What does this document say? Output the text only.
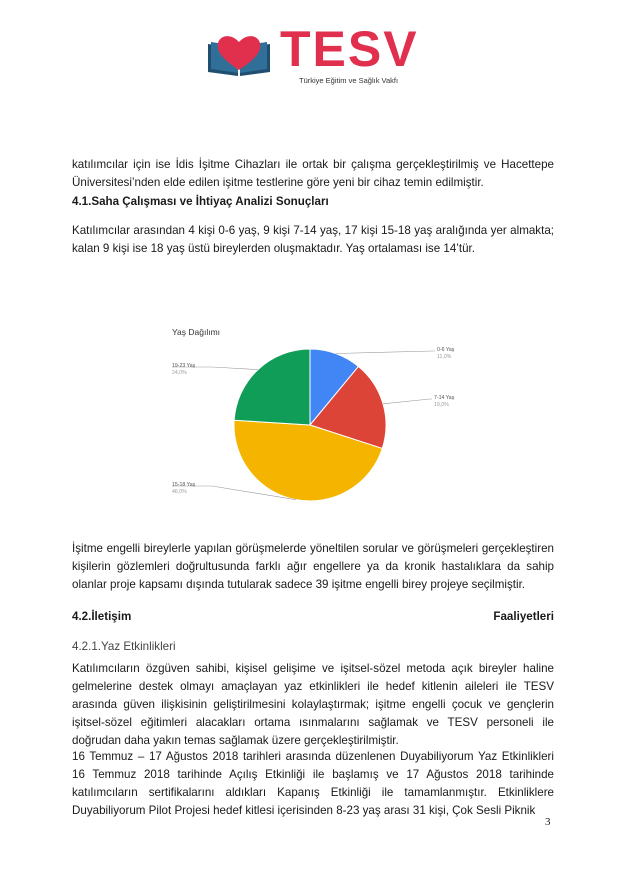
TESV
Türkiye Eğitim ve Sağlık Vakfı
katılımcılar için ise İdis İşitme Cihazları ile ortak bir çalışma gerçekleştirilmiş ve Hacettepe Üniversitesi’nden elde edilen işitme testlerine göre yeni bir cihaz temin edilmiştir.
4.1.Saha Çalışması ve İhtiyaç Analizi Sonuçları
Katılımcılar arasından 4 kişi 0-6 yaş, 9 kişi 7-14 yaş, 17 kişi 15-18 yaş aralığında yer almakta; kalan 9 kişi ise 18 yaş üstü bireylerden oluşmaktadır. Yaş ortalaması ise 14’tür.
Yaş Dağılımı
0-6 Yaş
11,0%
7-14 Yaş
19,0%
15-18 Yaş
46,0%
19-23 Yaş
24,0%
İşitme engelli bireylerle yapılan görüşmelerde yöneltilen sorular ve görüşmeleri gerçekleştiren kişilerin gözlemleri doğrultusunda farklı ağır engellere ya da kronik hastalıklara da sahip olanlar proje kapsamı dışında tutularak sadece 39 işitme engelli birey projeye seçilmiştir.
4.2.İletişim	Faaliyetleri
4.2.1.Yaz Etkinlikleri
Katılımcıların özgüven sahibi, kişisel gelişime ve işitsel-sözel metoda açık bireyler haline gelmelerine destek olmayı amaçlayan yaz etkinlikleri ile hedef kitlenin aileleri ile TESV arasında güven ilişkisinin geliştirilmesini kolaylaştırmak; işitme engelli çocuk ve gençlerin işitsel-sözel eğitimleri alacakları ortama ısınmalarını sağlamak ve TESV personeli ile doğrudan daha yakın temas sağlamak üzere gerçekleştirilmiştir.
16 Temmuz – 17 Ağustos 2018 tarihleri arasında düzenlenen Duyabiliyorum Yaz Etkinlikleri 16 Temmuz 2018 tarihinde Açılış Etkinliği ile başlamış ve 17 Ağustos 2018 tarihinde katılımcıların sertifikalarını aldıkları Kapanış Etkinliği ile tamamlanmıştır. Etkinliklere Duyabiliyorum Pilot Projesi hedef kitlesi içerisinden 8-23 yaş arası 31 kişi, Çok Sesli Piknik
3
